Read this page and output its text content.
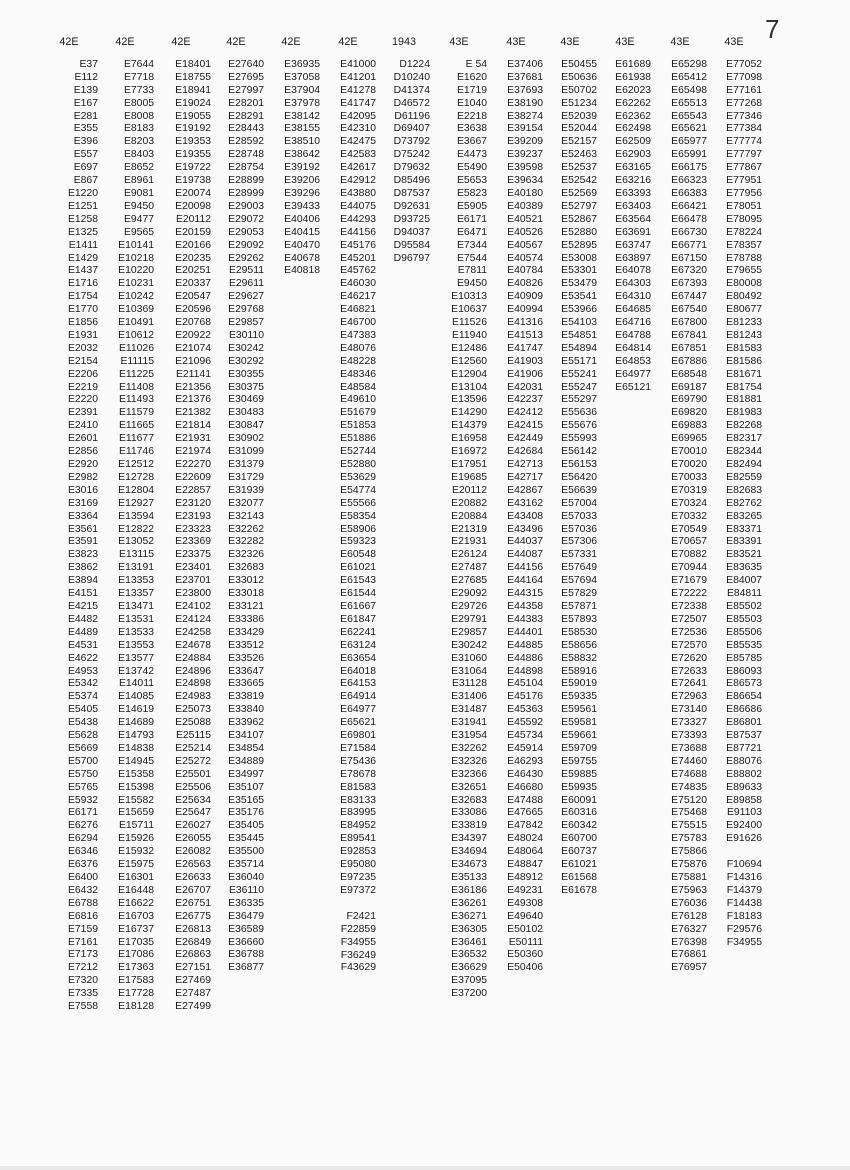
7
42E
E37
E112
E139
E167
E281
E355
E396
E557
E697
E867
E1220
E1251
E1258
E1325
E1411
E1429
E1437
E1716
E1754
E1770
E1856
E1931
E2032
E2154
E2206
E2219
E2220
E2391
E2410
E2601
E2856
E2920
E2982
E3016
E3169
E3364
E3561
E3591
E3823
E3862
E3894
E4151
E4215
E4482
E4489
E4531
E4622
E4953
E5342
E5374
E5405
E5438
E5628
E5669
E5700
E5750
E5765
E5932
E6171
E6276
E6294
E6346
E6376
E6400
E6432
E6788
E6816
E7159
E7161
E7173
E7212
E7320
E7335
E7558
42E
E7644
E7718
E7733
E8005
E8008
E8183
E8203
E8403
E8652
E8961
E9081
E9450
E9477
E9565
E10141
E10218
E10220
E10231
E10242
E10369
E10491
E10612
E11026
E11115
E11225
E11408
E11493
E11579
E11665
E11677
E11746
E12512
E12728
E12804
E12927
E13594
E12822
E13052
E13115
E13191
E13353
E13357
E13471
E13531
E13533
E13553
E13577
E13742
E14011
E14085
E14619
E14689
E14793
E14838
E14945
E15358
E15398
E15582
E15659
E15711
E15926
E15932
E15975
E16301
E16448
E16622
E16703
E16737
E17035
E17086
E17363
E17583
E17728
E18128
42E
E18401
E18755
E18941
E19024
E19055
E19192
E19353
E19355
E19722
E19738
E20074
E20098
E20112
E20159
E20166
E20235
E20251
E20337
E20547
E20596
E20768
E20922
E21074
E21096
E21141
E21356
E21376
E21382
E21814
E21931
E21974
E22270
E22609
E22857
E23120
E23193
E23323
E23369
E23375
E23401
E23701
E23800
E24102
E24124
E24258
E24678
E24884
E24896
E24898
E24983
E25073
E25088
E25115
E25214
E25272
E25501
E25506
E25634
E25647
E26027
E26055
E26082
E26563
E26633
E26707
E26751
E26775
E26813
E26849
E26863
E27151
E27469
E27487
E27499
42E
E27640
E27695
E27997
E28201
E28291
E28443
E28592
E28748
E28754
E28899
E28999
E29003
E29072
E29053
E29092
E29262
E29511
E29611
E29627
E29768
E29857
E30110
E30242
E30292
E30355
E30375
E30469
E30483
E30847
E30902
E31099
E31379
E31729
E31939
E32077
E32143
E32262
E32282
E32326
E32683
E33012
E33018
E33121
E33386
E33429
E33512
E33526
E33647
E33665
E33819
E33840
E33962
E34107
E34854
E34889
E34997
E35107
E35165
E35176
E35405
E35445
E35500
E35714
E36040
E36110
E36335
E36479
E36589
E36660
E36788
E36877
42E
E36935
E37058
E37904
E37978
E38142
E38155
E38510
E38642
E39192
E39206
E39296
E39433
E40406
E40415
E40470
E40678
E40818
42E
E41000
E41201
E41278
E41747
E42095
E42310
E42475
E42583
E42617
E42912
E43880
E44075
E44293
E44156
E45176
E45201
E45762
E46030
E46217
E46821
E46700
E47383
E48076
E48228
E48346
E48584
E49610
E51679
E51853
E51886
E52744
E52880
E53629
E54774
E55566
E58354
E58906
E59323
E60548
E61021
E61543
E61544
E61667
E61847
E62241
E63124
E63654
E64018
E64153
E64914
E64977
E65621
E69801
E71584
E75436
E78678
E81583
E83133
E83995
E84952
E89541
E92853
E95080
E97235
E97372
F2421
F22859
F34955
F36249
F43629
1943
D1224
D10240
D41374
D46572
D61196
D69407
D73792
D75242
D79632
D85496
D87537
D92631
D93725
D94037
D95584
D96797
43E
E 54
E1620
E1719
E1040
E2218
E3638
E3667
E4473
E5490
E5653
E5823
E5905
E6171
E6471
E7344
E7544
E7811
E9450
E10313
E10637
E11526
E11940
E12486
E12560
E12904
E13104
E13596
E14290
E14379
E16958
E16972
E17951
E19685
E20112
E20882
E20884
E21319
E21931
E26124
E27487
E27685
E29092
E29726
E29791
E29857
E30242
E31060
E31064
E31128
E31406
E31487
E31941
E31954
E32262
E32326
E32366
E32651
E32683
E33086
E33819
E34397
E34694
E34673
E35133
E36186
E36261
E36271
E36305
E36461
E36532
E36629
E37095
E37200
43E
E37406
E37681
E37693
E38190
E38274
E39154
E39209
E39237
E39598
E39634
E40180
E40389
E40521
E40526
E40567
E40574
E40784
E40826
E40909
E40994
E41316
E41513
E41747
E41903
E41906
E42031
E42237
E42412
E42415
E42449
E42684
E42713
E42717
E42867
E43162
E43408
E43496
E44037
E44087
E44156
E44164
E44315
E44358
E44383
E44401
E44885
E44886
E44898
E45104
E45176
E45363
E45592
E45734
E45914
E46293
E46430
E46680
E47488
E47665
E47842
E48024
E48064
E48847
E48912
E49231
E49308
E49640
E50102
E50111
E50360
E50406
43E
E50455
E50636
E50702
E51234
E52039
E52044
E52157
E52463
E52537
E52542
E52569
E52797
E52867
E52880
E52895
E53008
E53301
E53479
E53541
E53966
E54103
E54851
E54894
E55171
E55241
E55247
E55297
E55636
E55676
E55993
E56142
E56153
E56420
E56639
E57004
E57033
E57036
E57306
E57331
E57649
E57694
E57829
E57871
E57893
E58530
E58656
E58832
E58916
E59019
E59335
E59561
E59581
E59661
E59709
E59755
E59885
E59935
E60091
E60316
E60342
E60700
E60737
E61021
E61568
E61678
43E
E61689
E61938
E62023
E62262
E62362
E62498
E62509
E62903
E63165
E63216
E63393
E63403
E63564
E63691
E63747
E63897
E64078
E64303
E64310
E64685
E64716
E64788
E64814
E64853
E64977
E65121
43E
E65298
E65412
E65498
E65513
E65543
E65621
E65977
E65991
E66175
E66323
E66383
E66421
E66478
E66730
E66771
E67150
E67320
E67393
E67447
E67540
E67800
E67841
E67851
E67886
E68548
E69187
E69790
E69820
E69883
E69965
E70010
E70020
E70033
E70319
E70324
E70332
E70549
E70657
E70882
E70944
E71679
E72222
E72338
E72507
E72536
E72570
E72620
E72633
E72641
E72963
E73140
E73327
E73393
E73688
E74460
E74688
E74835
E75120
E75468
E75515
E75783
E75866
E75876
E75881
E75963
E76036
E76128
E76327
E76398
E76861
E76957
43E
E77052
E77098
E77161
E77268
E77346
E77384
E77774
E77797
E77867
E77951
E77956
E78051
E78095
E78224
E78357
E78788
E79655
E80008
E80492
E80677
E81233
E81243
E81583
E81586
E81671
E81754
E81881
E81983
E82268
E82317
E82344
E82494
E82559
E82683
E82762
E83265
E83371
E83391
E83521
E83635
E84007
E84811
E85502
E85503
E85506
E85535
E85785
E86093
E86573
E86654
E86686
E86801
E87537
E87721
E88076
E88802
E89633
E89858
E91103
E92400
E91626
F10694
F14316
F14379
F14438
F18183
F29576
F34955
